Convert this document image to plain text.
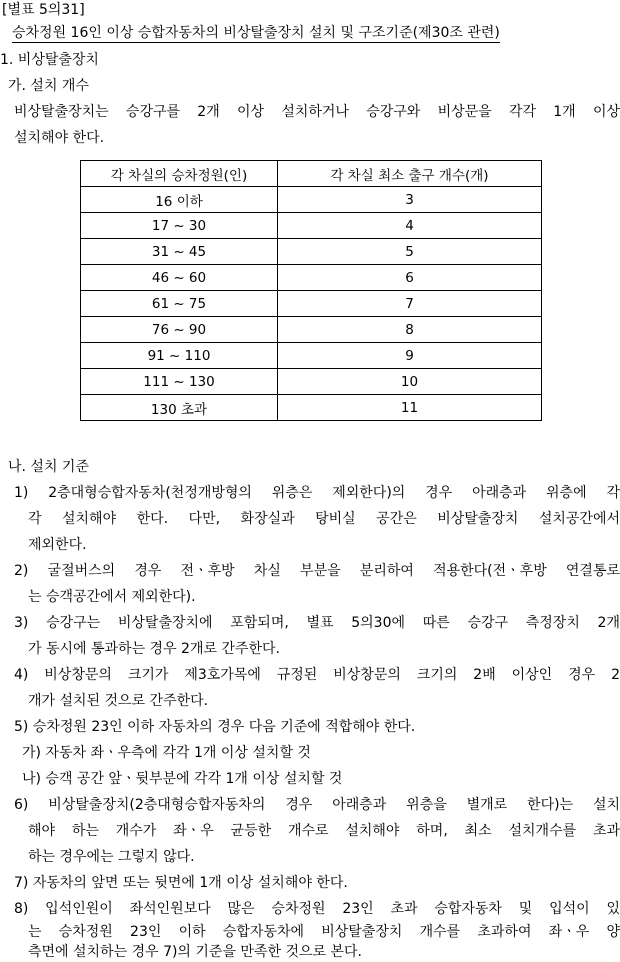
[별표 5의31]
승차정원 16인 이상 승합자동차의 비상탈출장치 설치 및 구조기준(제30조 관련)
1. 비상탈출장치
가. 설치 개수
비상탈출장치는 승강구를 2개 이상 설치하거나 승강구와 비상문을 각각 1개 이상
설치해야 한다.
각 차실의 승차정원(인)	각 차실 최소 출구 개수(개)
16 이하	3
17 ~ 30	4
31 ~ 45	5
46 ~ 60	6
61 ~ 75	7
76 ~ 90	8
91 ~ 110	9
111 ~ 130	10
130 초과	11
나. 설치 기준
1) 2층대형승합자동차(천정개방형의 위층은 제외한다)의 경우 아래층과 위층에 각
각 설치해야 한다. 다만, 화장실과 탕비실 공간은 비상탈출장치 설치공간에서
제외한다.
2) 굴절버스의 경우 전ㆍ후방 차실 부분을 분리하여 적용한다(전ㆍ후방 연결통로
는 승객공간에서 제외한다).
3) 승강구는 비상탈출장치에 포함되며, 별표 5의30에 따른 승강구 측정장치 2개
가 동시에 통과하는 경우 2개로 간주한다.
4) 비상창문의 크기가 제3호가목에 규정된 비상창문의 크기의 2배 이상인 경우 2
개가 설치된 것으로 간주한다.
5) 승차정원 23인 이하 자동차의 경우 다음 기준에 적합해야 한다.
가) 자동차 좌ㆍ우측에 각각 1개 이상 설치할 것
나) 승객 공간 앞ㆍ뒷부분에 각각 1개 이상 설치할 것
6) 비상탈출장치(2층대형승합자동차의 경우 아래층과 위층을 별개로 한다)는 설치
해야 하는 개수가 좌ㆍ우 균등한 개수로 설치해야 하며, 최소 설치개수를 초과
하는 경우에는 그렇지 않다.
7) 자동차의 앞면 또는 뒷면에 1개 이상 설치해야 한다.
8) 입석인원이 좌석인원보다 많은 승차정원 23인 초과 승합자동차 및 입석이 있
는 승차정원 23인 이하 승합자동차에 비상탈출장치 개수를 초과하여 좌ㆍ우 양
측면에 설치하는 경우 7)의 기준을 만족한 것으로 본다.
